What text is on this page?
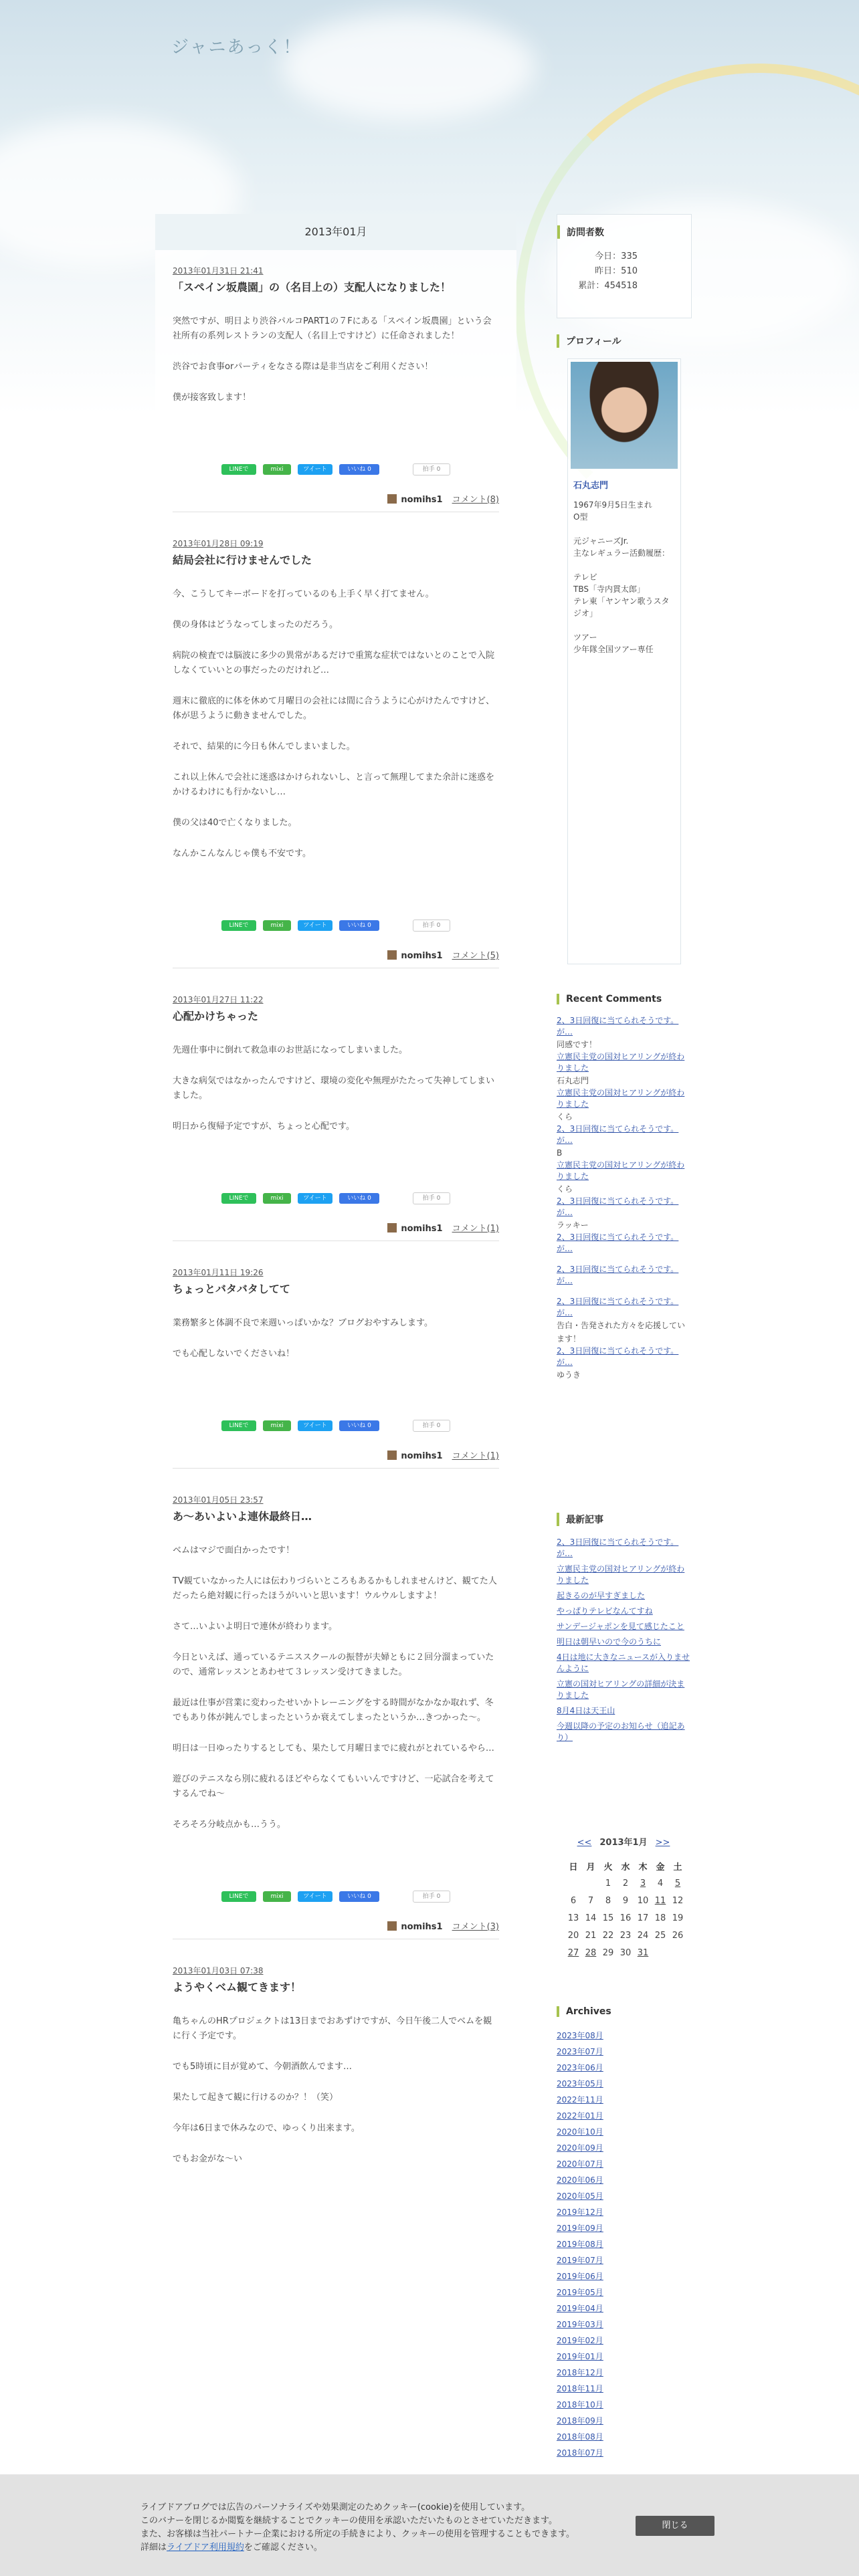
ジャニあっく！
2013年01月
2013年01月31日 21:41
「スペイン坂農園」の（名目上の）支配人になりました！

突然ですが、明日より渋谷パルコPART1の７Fにある「スペイン坂農園」という会社所有の系列レストランの支配人（名目上ですけど）に任命されました！

渋谷でお食事orパーティをなさる際は是非当店をご利用ください！

僕が接客致します！

LINEで	mixi	ツイート	いいね 0	拍手 0
nomihs1 コメント(8)
2013年01月28日 09:19
結局会社に行けませんでした

今、こうしてキーボードを打っているのも上手く早く打てません。

僕の身体はどうなってしまったのだろう。

病院の検査では脳波に多少の異常があるだけで重篤な症状ではないとのことで入院しなくていいとの事だったのだけれど…

週末に徹底的に体を休めて月曜日の会社には間に合うように心がけたんですけど、体が思うように動きませんでした。

それで、結果的に今日も休んでしまいました。

これ以上休んで会社に迷惑はかけられないし、と言って無理してまた余計に迷惑をかけるわけにも行かないし…

僕の父は40で亡くなりました。

なんかこんなんじゃ僕も不安です。

LINEで	mixi	ツイート	いいね 0	拍手 0
nomihs1 コメント(5)
2013年01月27日 11:22
心配かけちゃった

先週仕事中に倒れて救急車のお世話になってしまいました。

大きな病気ではなかったんですけど、環境の変化や無理がたたって失神してしまいました。

明日から復帰予定ですが、ちょっと心配です。

LINEで	mixi	ツイート	いいね 0	拍手 0
nomihs1 コメント(1)
2013年01月11日 19:26
ちょっとバタバタしてて

業務繁多と体調不良で来週いっぱいかな？ブログおやすみします。

でも心配しないでくださいね！

LINEで	mixi	ツイート	いいね 0	拍手 0
nomihs1 コメント(1)
2013年01月05日 23:57
あ〜あいよいよ連休最終日…

ベムはマジで面白かったです！

TV観ていなかった人には伝わりづらいところもあるかもしれませんけど、観てた人だったら絶対観に行ったほうがいいと思います！ウルウルしますよ！

さて…いよいよ明日で連休が終わります。

今日といえば、通っているテニススクールの振替が夫婦ともに２回分溜まっていたので、通常レッスンとあわせて３レッスン受けてきました。

最近は仕事が営業に変わったせいかトレーニングをする時間がなかなか取れず、冬でもあり体が鈍んでしまったというか衰えてしまったというか…きつかった〜。

明日は一日ゆったりするとしても、果たして月曜日までに疲れがとれているやら…

遊びのテニスなら別に疲れるほどやらなくてもいいんですけど、一応試合を考えてするんでね〜

そろそろ分岐点かも…うう。

LINEで	mixi	ツイート	いいね 0	拍手 0
nomihs1 コメント(3)
2013年01月03日 07:38
ようやくベム観てきます！

亀ちゃんのHRプロジェクトは13日までおあずけですが、今日午後二人でベムを観に行く予定です。

でも5時頃に目が覚めて、今朝酒飲んでます…

果たして起きて観に行けるのか？！（笑）

今年は6日まで休みなので、ゆっくり出来ます。

でもお金がな〜い

訪問者数
今日：335
昨日：510
累計：454518
プロフィール
石丸志門
1967年9月5日生まれ
O型

元ジャニーズJr.
主なレギュラー活動履歴：

テレビ
TBS「寺内貫太郎」
テレ東「ヤンヤン歌うスタジオ」

ツアー
少年隊全国ツアー専任
Recent Comments
2、3日回復に当てられそうです。が…
同感です！
立憲民主党の国対ヒアリングが終わりました
石丸志門
立憲民主党の国対ヒアリングが終わりました
くら
2、3日回復に当てられそうです。が…
B
立憲民主党の国対ヒアリングが終わりました
くら
2、3日回復に当てられそうです。が…
ラッキー
2、3日回復に当てられそうです。が…
2、3日回復に当てられそうです。が…
2、3日回復に当てられそうです。が…
告白・告発された方々を応援しています！
2、3日回復に当てられそうです。が…
ゆうき
最新記事
2、3日回復に当てられそうです。が…
立憲民主党の国対ヒアリングが終わりました
起きるのが早すぎました
やっぱりテレビなんてすね
サンデージャポンを見て感じたこと
明日は朝早いので今のうちに
4日は地に大きなニュースが入りませんように
立憲の国対ヒアリングの詳細が決まりました
8月4日は天王山
今週以降の予定のお知らせ（追記あり）
<< 2013年1月 >>
日	月	火	水	木	金	土
		1	2	3	4	5
6	7	8	9	10	11	12
13	14	15	16	17	18	19
20	21	22	23	24	25	26
27	28	29	30	31		
Archives
2023年08月
2023年07月
2023年06月
2023年05月
2022年11月
2022年01月
2020年10月
2020年09月
2020年07月
2020年06月
2020年05月
2019年12月
2019年09月
2019年08月
2019年07月
2019年06月
2019年05月
2019年04月
2019年03月
2019年02月
2019年01月
2018年12月
2018年11月
2018年10月
2018年09月
2018年08月
2018年07月
ライブドアブログでは広告のパーソナライズや効果測定のためクッキー(cookie)を使用しています。
このバナーを閉じるか閲覧を継続することでクッキーの使用を承認いただいたものとさせていただきます。
また、お客様は当社パートナー企業における所定の手続きにより、クッキーの使用を管理することもできます。
詳細はライブドア利用規約をご確認ください。
閉じる
